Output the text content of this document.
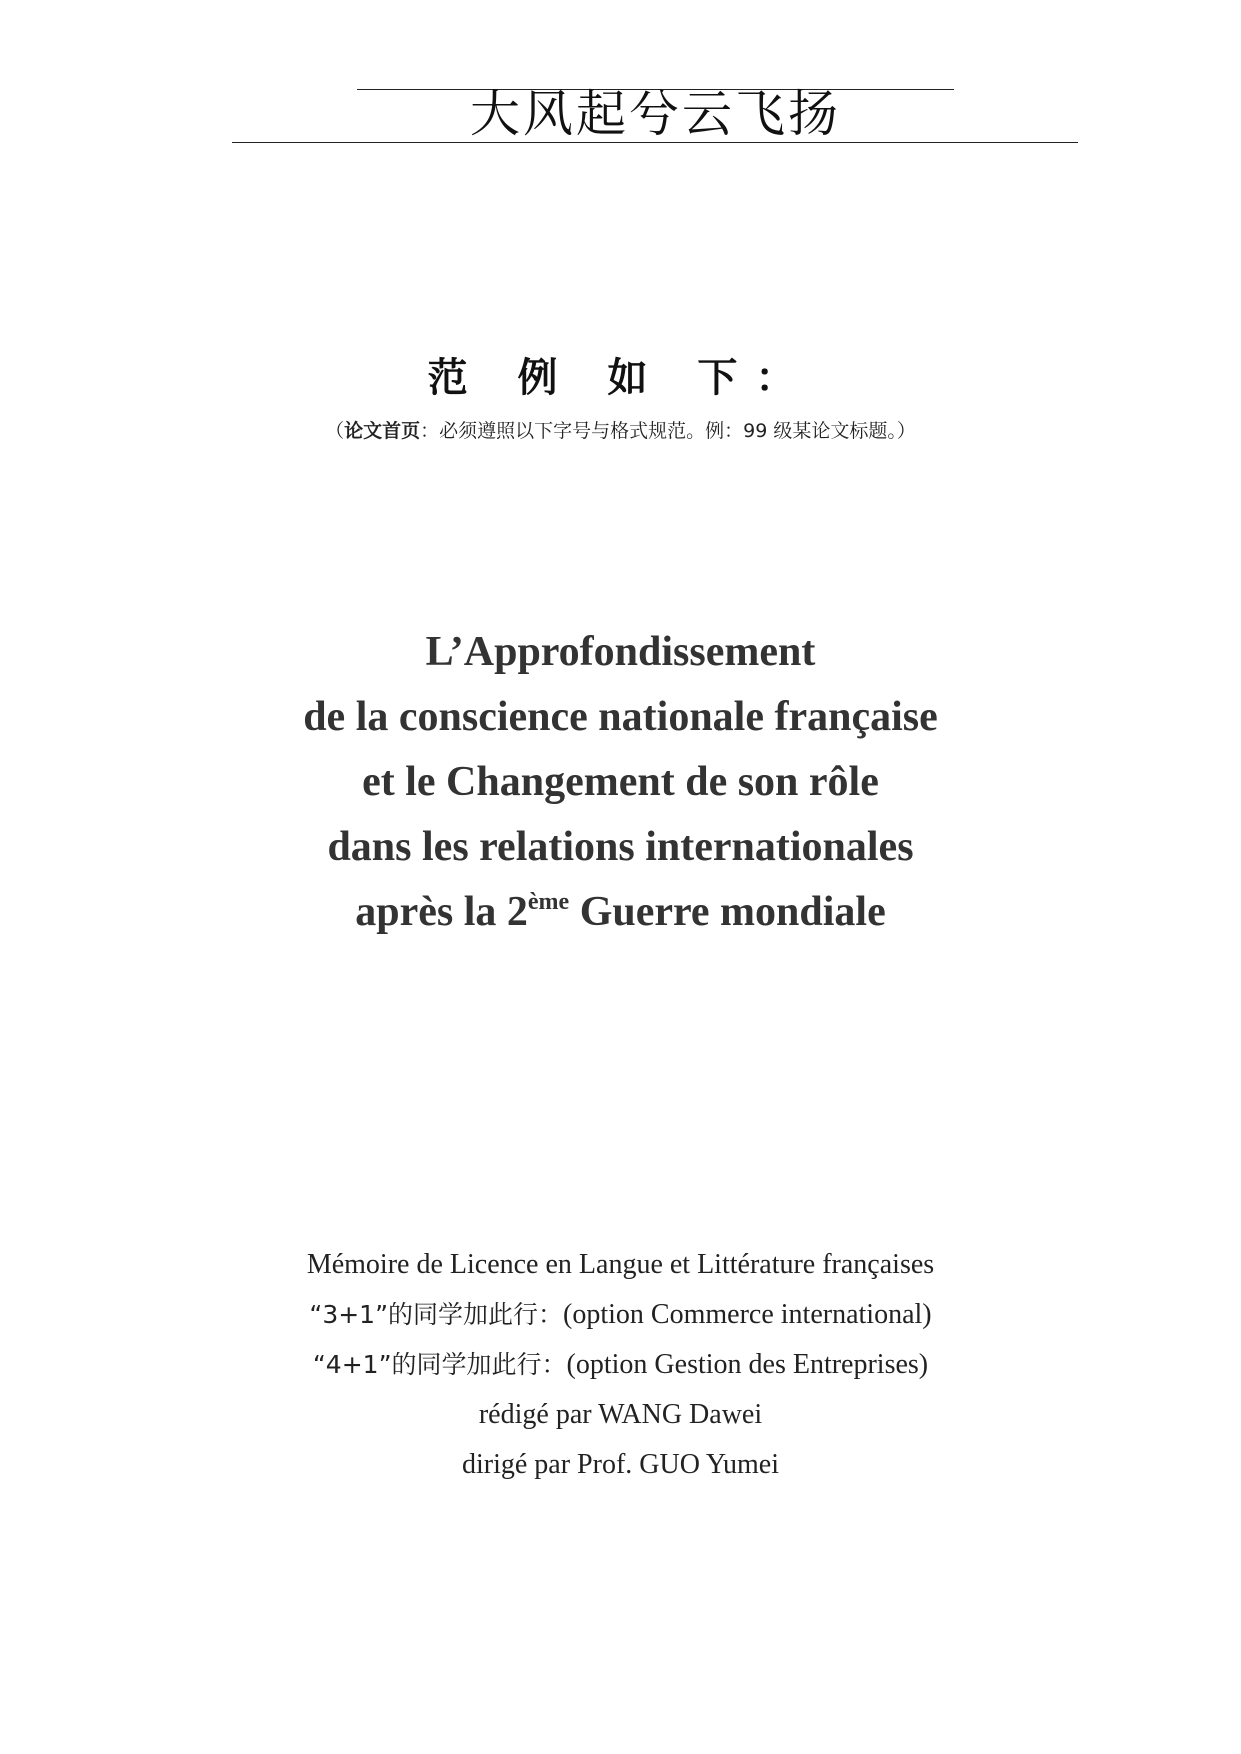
大风起兮云飞扬
范 例 如 下：
（论文首页：必须遵照以下字号与格式规范。例：99 级某论文标题。）
L’Approfondissement
de la conscience nationale française
et le Changement de son rôle
dans les relations internationales
après la 2ème Guerre mondiale
Mémoire de Licence en Langue et Littérature françaises
“3+1”的同学加此行：(option Commerce international)
“4+1”的同学加此行：(option Gestion des Entreprises)
rédigé par WANG Dawei
dirigé par Prof. GUO Yumei
